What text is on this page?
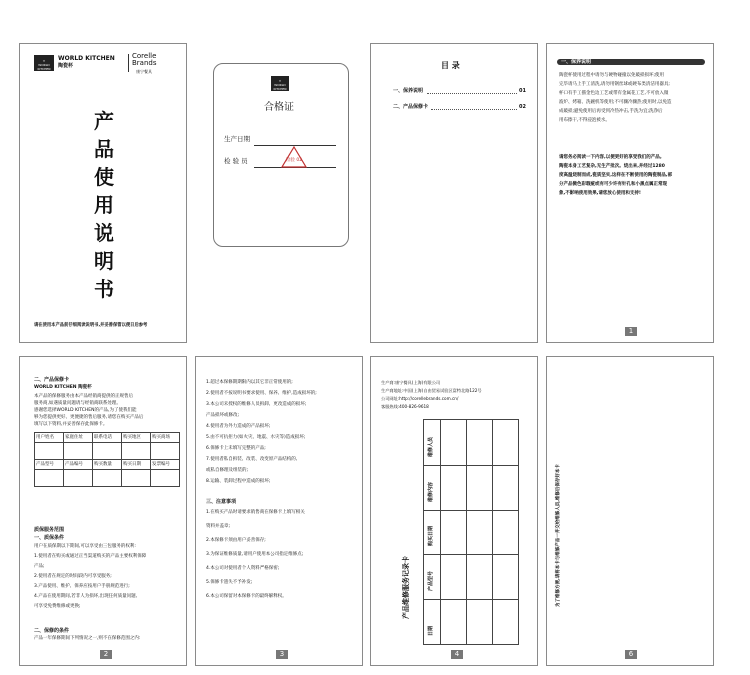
✦
WORLD KITCHEN
WORLD KITCHEN
陶瓷杯
Corelle
Brands
康宁餐具
产
品
使
用
说
明
书
请在使用本产品前仔细阅读说明书,并妥善保管以便日后参考
✦
WORLD KITCHEN
合格证
生产日期
检 验 员	检验 02
目 录
一、保养说明	01
二、产品保修卡	02
一、保养说明
陶瓷杯使用过程中请勿与硬物碰撞以免破损损坏;使用
完毕请马上手工清洗,请勿用钢丝球或硬布类清洁用器具;
杯口有手工描金色边工艺或带有金属花工艺,不可放入微
波炉、烤箱、洗碗机等使用;不可骤冷骤热;使用时,以免造
成破损;避免使用后再受到冷热冲击,手洗为宜;洗净后
用布擦干,不得浸泡被水。
请您务必阅读一下内容,以便更好的享受我们的产品。
陶瓷本身工艺复杂,无生产批次。烧出来,并经过1280
度高温烧制而成,瓷质坚实,这样在不断使用的陶瓷制品,部
分产品微色彩瑕疵或有可少许有针孔和小黑点属正常现
象,不影响使用效果,请您放心使用和支持!
1
二、产品保修卡
WORLD KITCHEN 陶瓷杯
本产品的保修服务由本产品经销商提供的正规售后
服务商,如遇质量问题请与经销商联系处理。
感谢您选择WORLD KITCHEN的产品,为了使我们能
够为您提供更好、更便捷的售后服务,请您在购买产品后
填写以下资料,并妥善保存此保修卡。
用户姓名	家庭住址	联系电话	购买地区	购买商场

产品型号	产品编号	购买数量	购买日期	发票编号

质保服务范围
一、质保条件
用户在质保期以下期间,可以享受由三包服务的权利:
1.使用者在购买或通过正当渠道购买的产品主要权利保障
产品;
2.使用者在规定的时间段内可享受服务;
3.产品使用、维护、保养应按用户手册规范进行;
4.产品在使用期间,若非人为损坏,出现任何质量问题,
可享受免费维修或更换;
二、保修的条件
产品一年保修期间下列情况之一,则不在保修范围之内:
2
1.超过本保修期期限内以其它非正常使用的;
2.使用者不按说明书要求使用、保养、维护,造成损坏的;
3.本公司未授权的维修人员拆卸、更改造成的损坏;
产品损坏或修改;
4.使用者为外力造成的产品损坏;
5.由不可抗拒力(如火灾、地震、水灾等)造成损坏;
6.保修卡上未填写完整的产品;
7.使用者私自拆装、改装、改变原产品结构的,
或私自修理及组装的;
8.运输、装卸过程中造成的损坏;
三、注意事项
1.在购买产品时请要求销售商在保修卡上填写相关
资料并盖章;
2.本保修卡须由用户妥善保存;
3.为保证维修质量,请用户使用本公司指定维修点;
4.本公司对使用者个人资料严格保密;
5.保修卡遗失不予补发;
6.本公司保留对本保修卡的最终解释权。
3
生产商:康宁餐具(上海)有限公司
生产商地址:中国(上海)自由贸易试验区富特北路122号
公司网址:http://corellebrands.com.cn/
客服热线:400-826-9618
维修人员
维修内容
购买日期
产品型号
日期
产品维修服务记录卡
4
为了维修方便,请将本卡与维修产品一并交给维修人员,维修后保存好本卡
6
